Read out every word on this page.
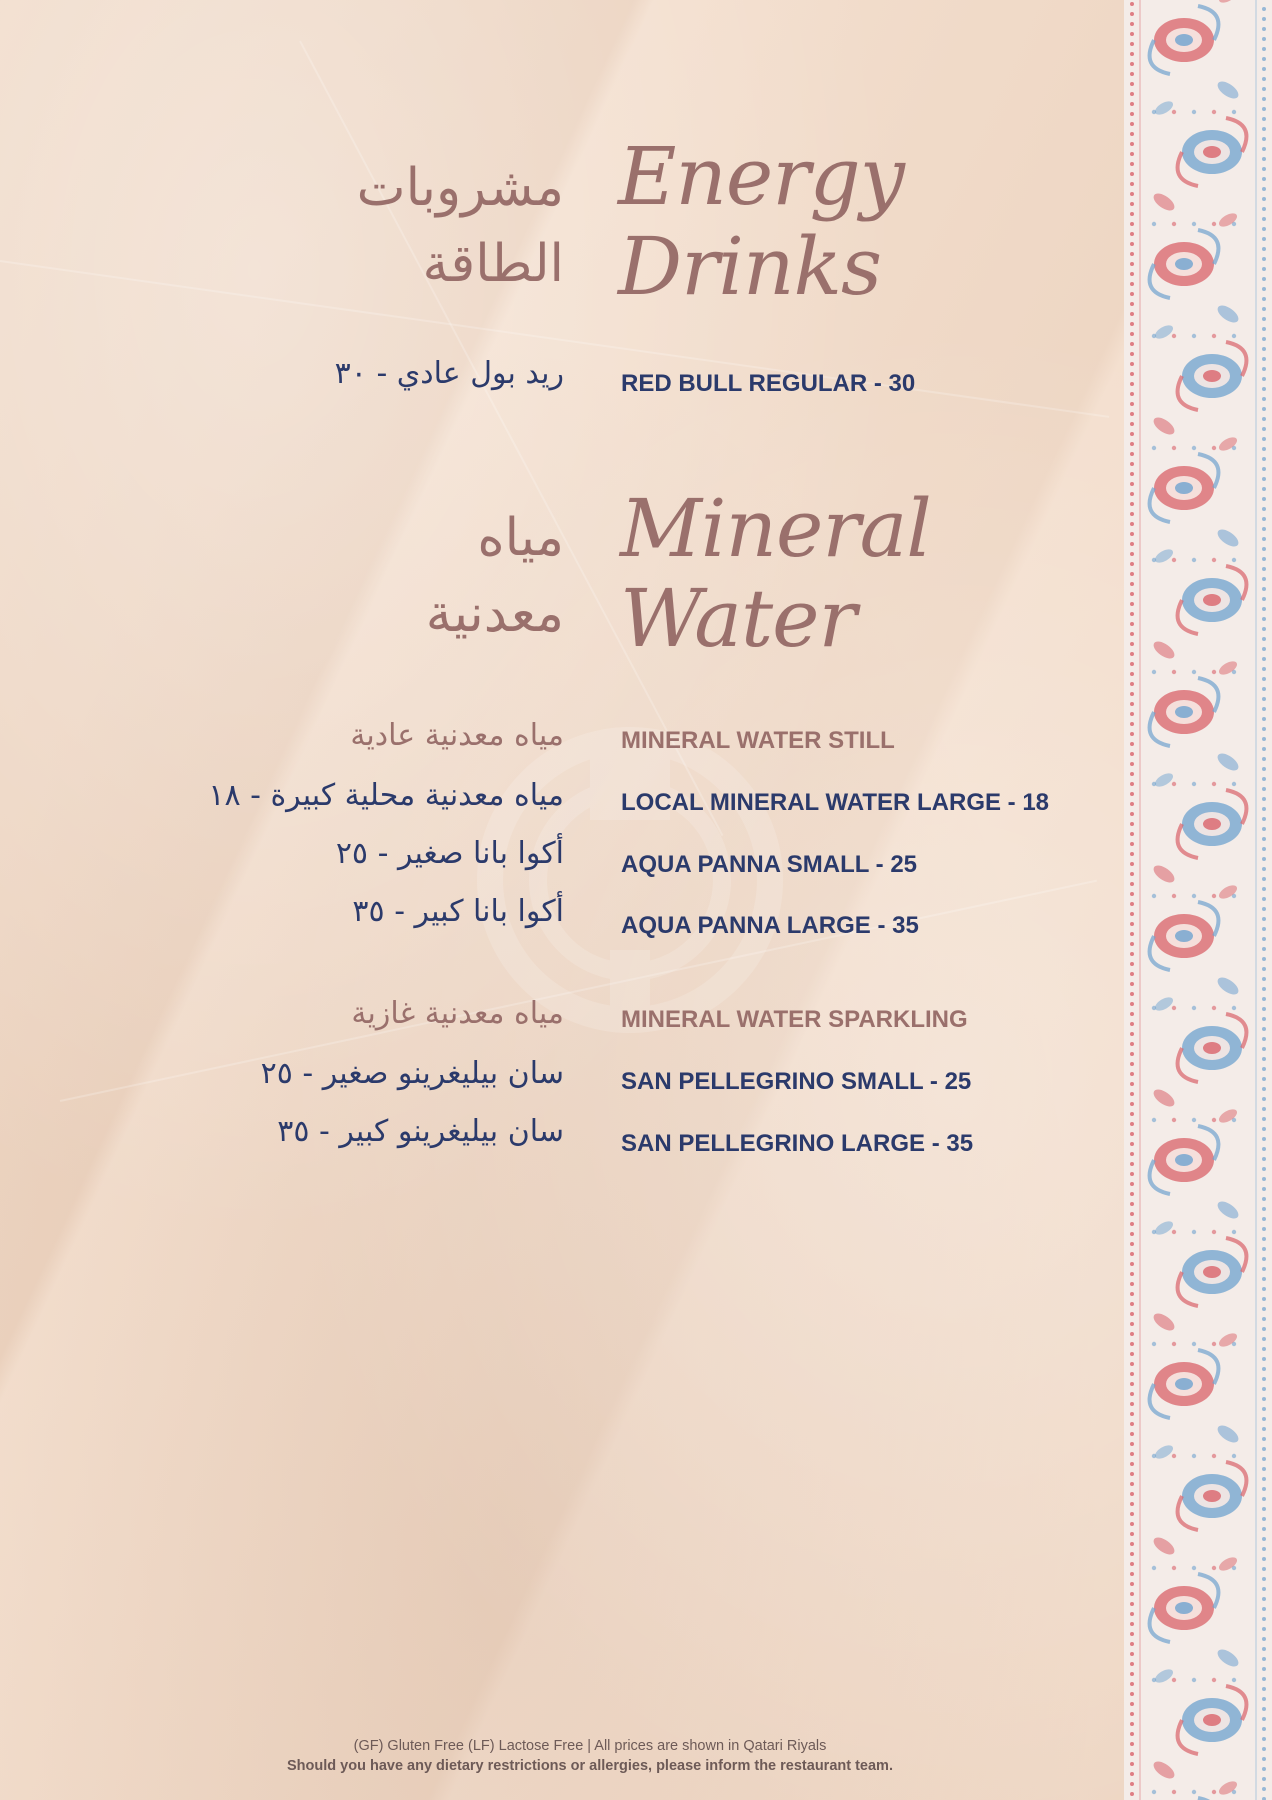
Energy
Drinks
مشروبات
الطاقة
RED BULL REGULAR - 30
ريد بول عادي - ٣٠
Mineral
Water
مياه
معدنية
MINERAL WATER STILL
مياه معدنية عادية
LOCAL MINERAL WATER LARGE - 18
مياه معدنية محلية كبيرة - ١٨
AQUA PANNA SMALL - 25
أكوا بانا صغير - ٢٥
AQUA PANNA LARGE - 35
أكوا بانا كبير - ٣٥
MINERAL WATER SPARKLING
مياه معدنية غازية
SAN PELLEGRINO SMALL - 25
سان بيليغرينو صغير - ٢٥
SAN PELLEGRINO LARGE - 35
سان بيليغرينو كبير - ٣٥
(GF) Gluten Free (LF) Lactose Free | All prices are shown in Qatari Riyals
Should you have any dietary restrictions or allergies, please inform the restaurant team.
